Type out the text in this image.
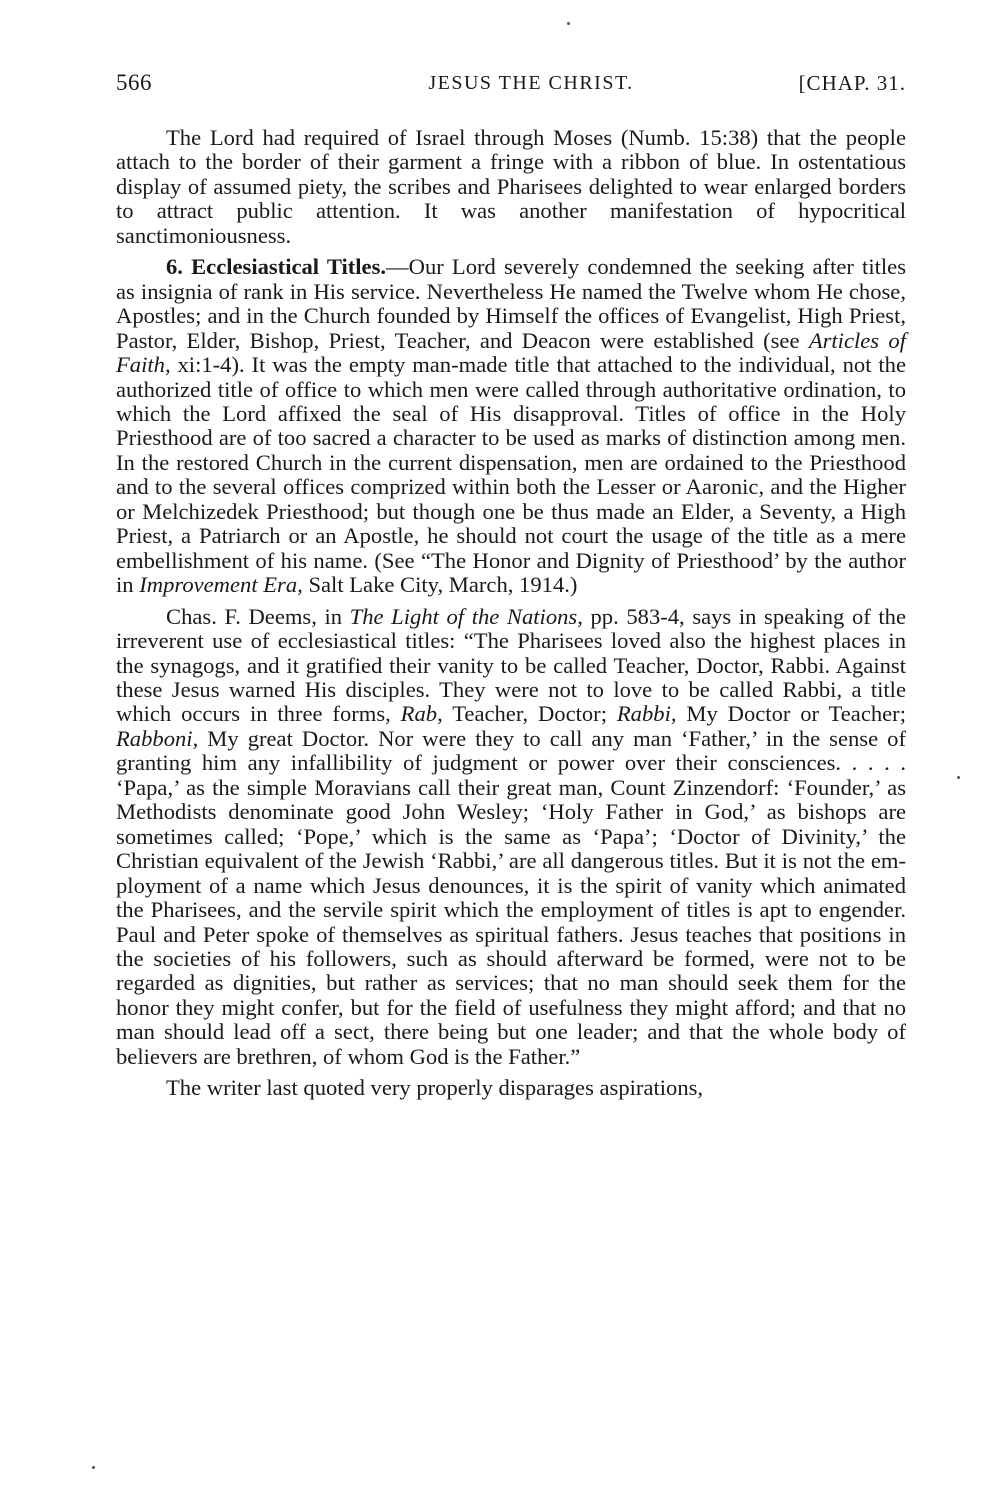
566	JESUS THE CHRIST.	[CHAP. 31.

The Lord had required of Israel through Moses (Numb. 15:38) that the people attach to the border of their garment a fringe with a ribbon of blue. In ostentatious display of assumed piety, the scribes and Pharisees delighted to wear enlarged borders to attract public attention. It was another manifestation of hypocritical sanctimoniousness.

6. Ecclesiastical Titles.—Our Lord severely condemned the seeking after titles as insignia of rank in His service. Nevertheless He named the Twelve whom He chose, Apostles; and in the Church founded by Himself the offices of Evangelist, High Priest, Pastor, Elder, Bishop, Priest, Teacher, and Deacon were established (see Articles of Faith, xi:1-4). It was the empty man-made title that attached to the individual, not the authorized title of office to which men were called through authoritative ordination, to which the Lord affixed the seal of His disapproval. Titles of office in the Holy Priesthood are of too sacred a character to be used as marks of distinction among men. In the restored Church in the current dispensation, men are ordained to the Priesthood and to the several offices comprized within both the Lesser or Aaronic, and the Higher or Melchizedek Priesthood; but though one be thus made an Elder, a Seventy, a High Priest, a Patriarch or an Apostle, he should not court the usage of the title as a mere embellishment of his name. (See “The Honor and Dignity of Priesthood’ by the author in Improvement Era, Salt Lake City, March, 1914.)

Chas. F. Deems, in The Light of the Nations, pp. 583-4, says in speaking of the irreverent use of ecclesiastical titles: “The Pharisees loved also the highest places in the synagogs, and it gratified their vanity to be called Teacher, Doctor, Rabbi. Against these Jesus warned His disciples. They were not to love to be called Rabbi, a title which occurs in three forms, Rab, Teacher, Doctor; Rabbi, My Doctor or Teacher; Rabboni, My great Doctor. Nor were they to call any man ‘Father,’ in the sense of granting him any infallibility of judgment or power over their consciences. . . . . ‘Papa,’ as the simple Moravians call their great man, Count Zinzendorf: ‘Founder,’ as Methodists denominate good John Wesley; ‘Holy Father in God,’ as bishops are sometimes called; ‘Pope,’ which is the same as ‘Papa’; ‘Doctor of Divinity,’ the Christian equivalent of the Jewish ‘Rabbi,’ are all dangerous titles. But it is not the employment of a name which Jesus denounces, it is the spirit of vanity which animated the Pharisees, and the servile spirit which the employment of titles is apt to engender. Paul and Peter spoke of themselves as spiritual fathers. Jesus teaches that positions in the societies of his followers, such as should afterward be formed, were not to be regarded as dignities, but rather as services; that no man should seek them for the honor they might confer, but for the field of usefulness they might afford; and that no man should lead off a sect, there being but one leader; and that the whole body of believers are brethren, of whom God is the Father.”

The writer last quoted very properly disparages aspirations,
